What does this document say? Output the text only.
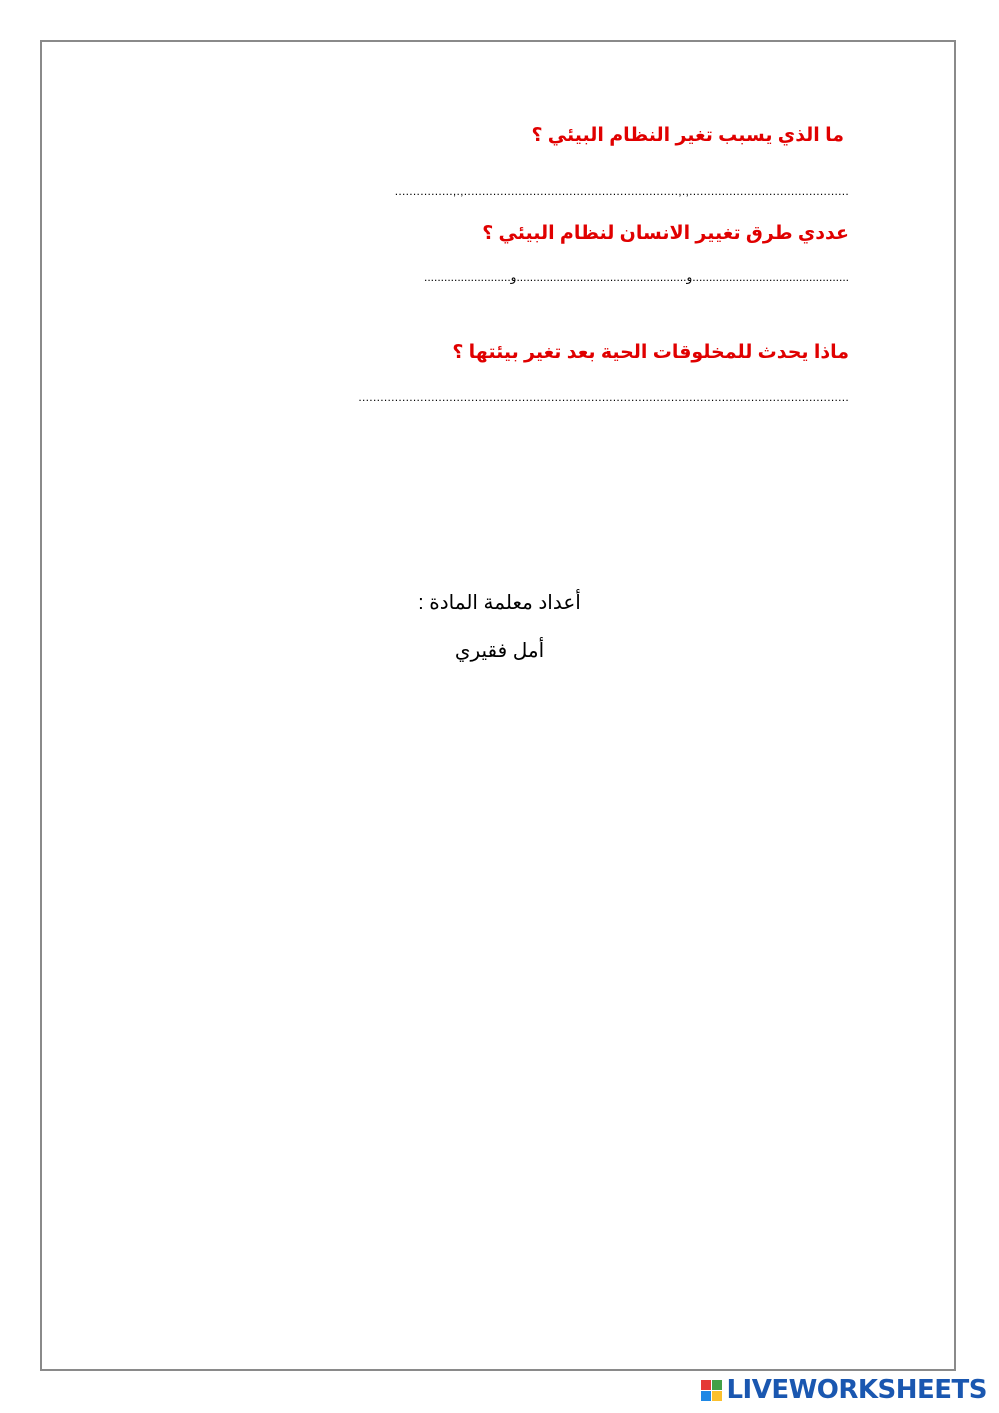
ما الذي يسبب تغير النظام البيئي ؟
................,.,...........................................................,.,............................................
عددي طرق تغيير الانسان لنظام البيئي ؟
..........................و...................................................و...............................................
ماذا يحدث للمخلوقات الحية بعد تغير بيئتها ؟
.......................................................................................................................................
أعداد معلمة المادة :
أمل فقيري
LIVEWORKSHEETS
